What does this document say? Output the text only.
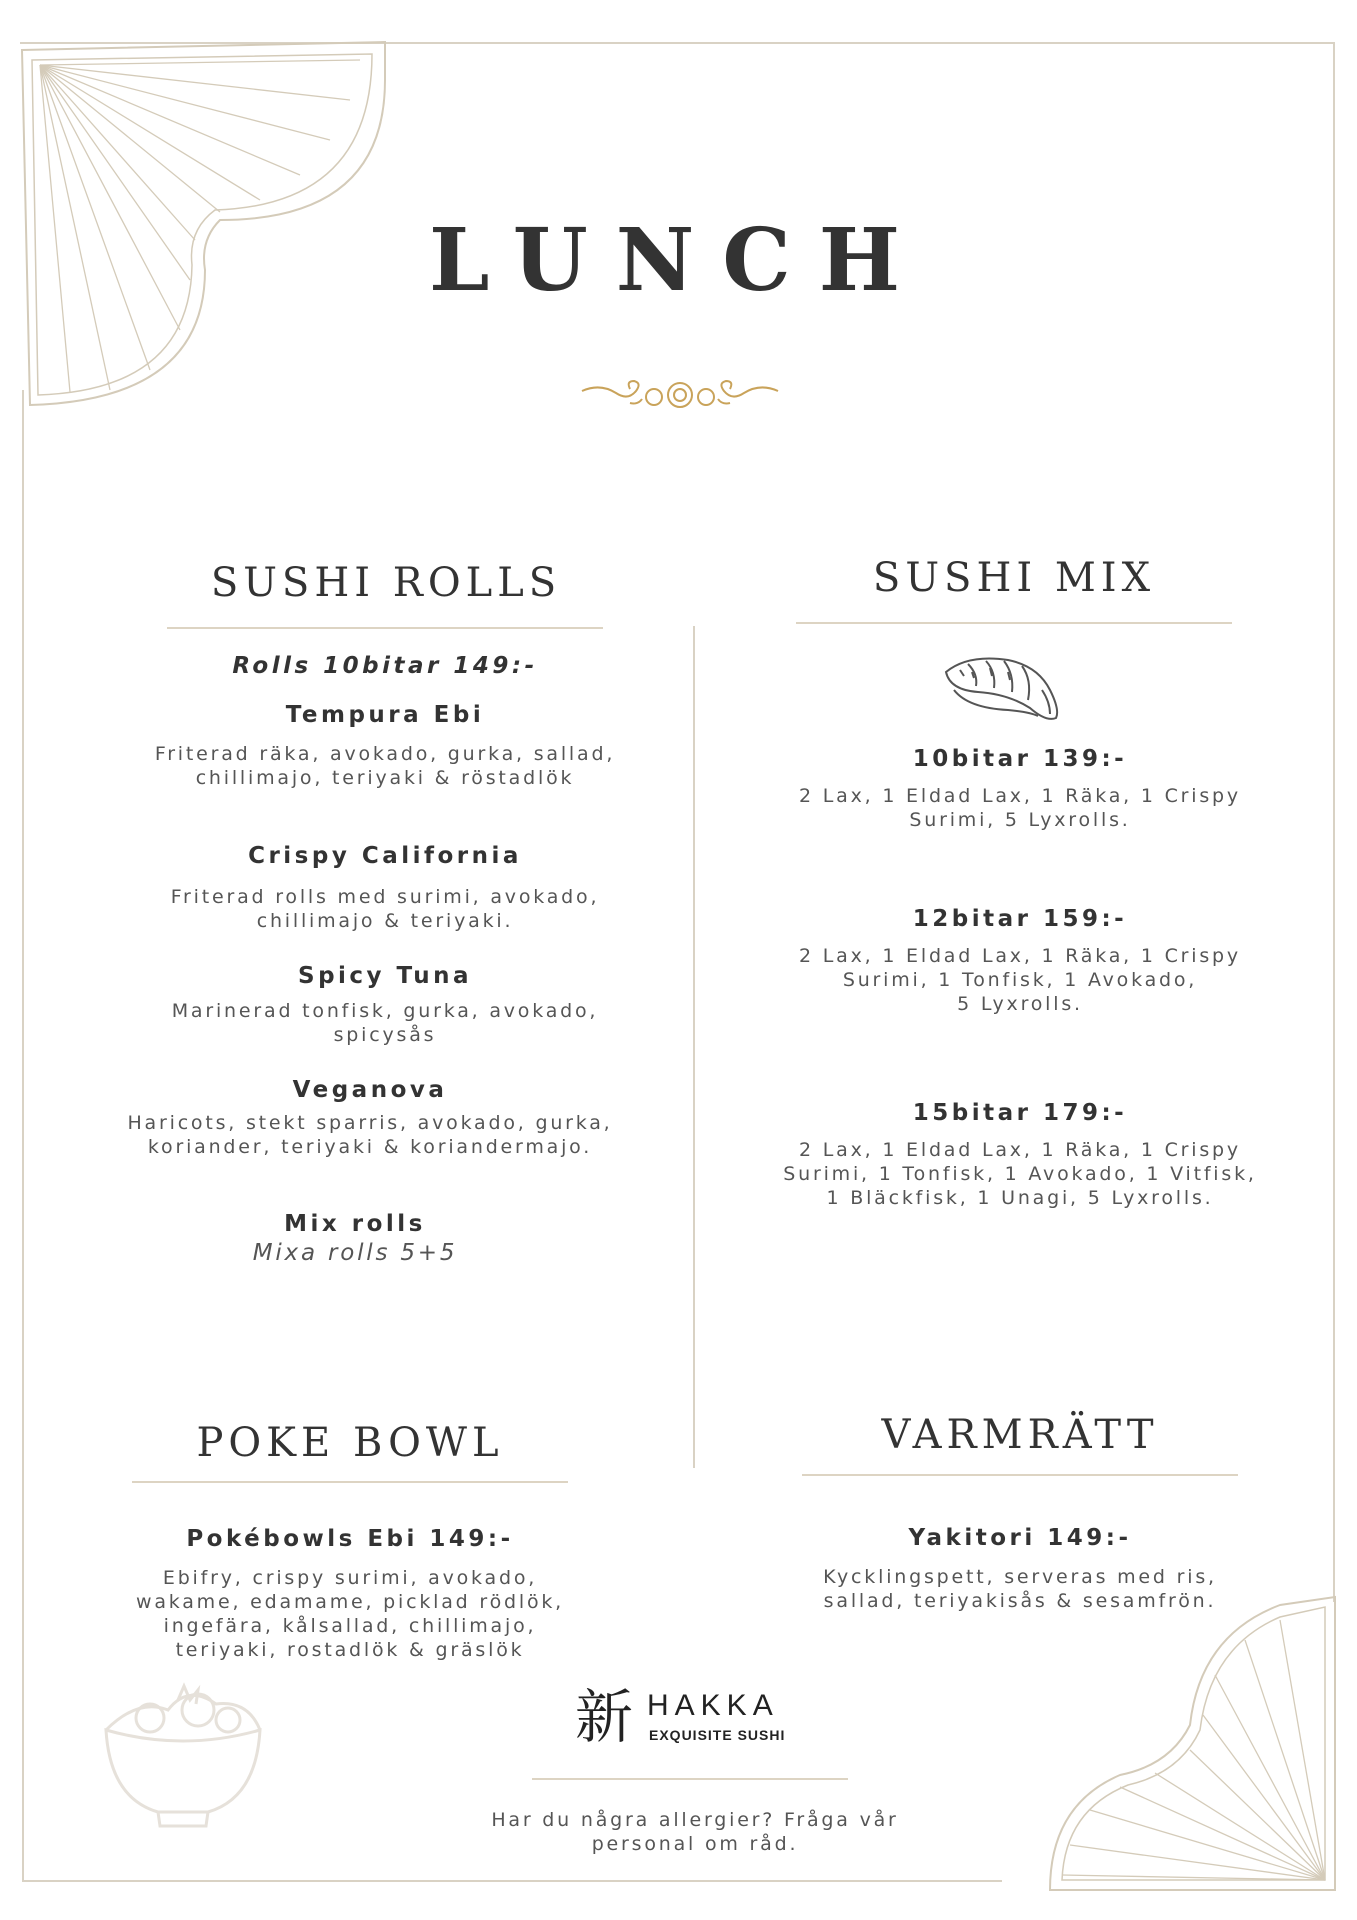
LUNCH
SUSHI ROLLS
Rolls 10bitar 149:-
Tempura Ebi
Friterad räka, avokado, gurka, sallad,
chillimajo, teriyaki & röstadlök
Crispy California
Friterad rolls med surimi, avokado,
chillimajo & teriyaki.
Spicy Tuna
Marinerad tonfisk, gurka, avokado,
spicysås
Veganova
Haricots, stekt sparris, avokado, gurka,
koriander, teriyaki & koriandermajo.
Mix rolls
Mixa rolls 5+5
SUSHI MIX
10bitar 139:-
2 Lax, 1 Eldad Lax, 1 Räka, 1 Crispy
Surimi, 5 Lyxrolls.
12bitar 159:-
2 Lax, 1 Eldad Lax, 1 Räka, 1 Crispy
Surimi, 1 Tonfisk, 1 Avokado,
5 Lyxrolls.
15bitar 179:-
2 Lax, 1 Eldad Lax, 1 Räka, 1 Crispy
Surimi, 1 Tonfisk, 1 Avokado, 1 Vitfisk,
1 Bläckfisk, 1 Unagi, 5 Lyxrolls.
POKE BOWL
Pokébowls Ebi 149:-
Ebifry, crispy surimi, avokado,
wakame, edamame, picklad rödlök,
ingefära, kålsallad, chillimajo,
teriyaki, rostadlök & gräslök
VARMRÄTT
Yakitori 149:-
Kycklingspett, serveras med ris,
sallad, teriyakisås & sesamfrön.
新 HAKKA
EXQUISITE SUSHI
Har du några allergier? Fråga vår
personal om råd.
